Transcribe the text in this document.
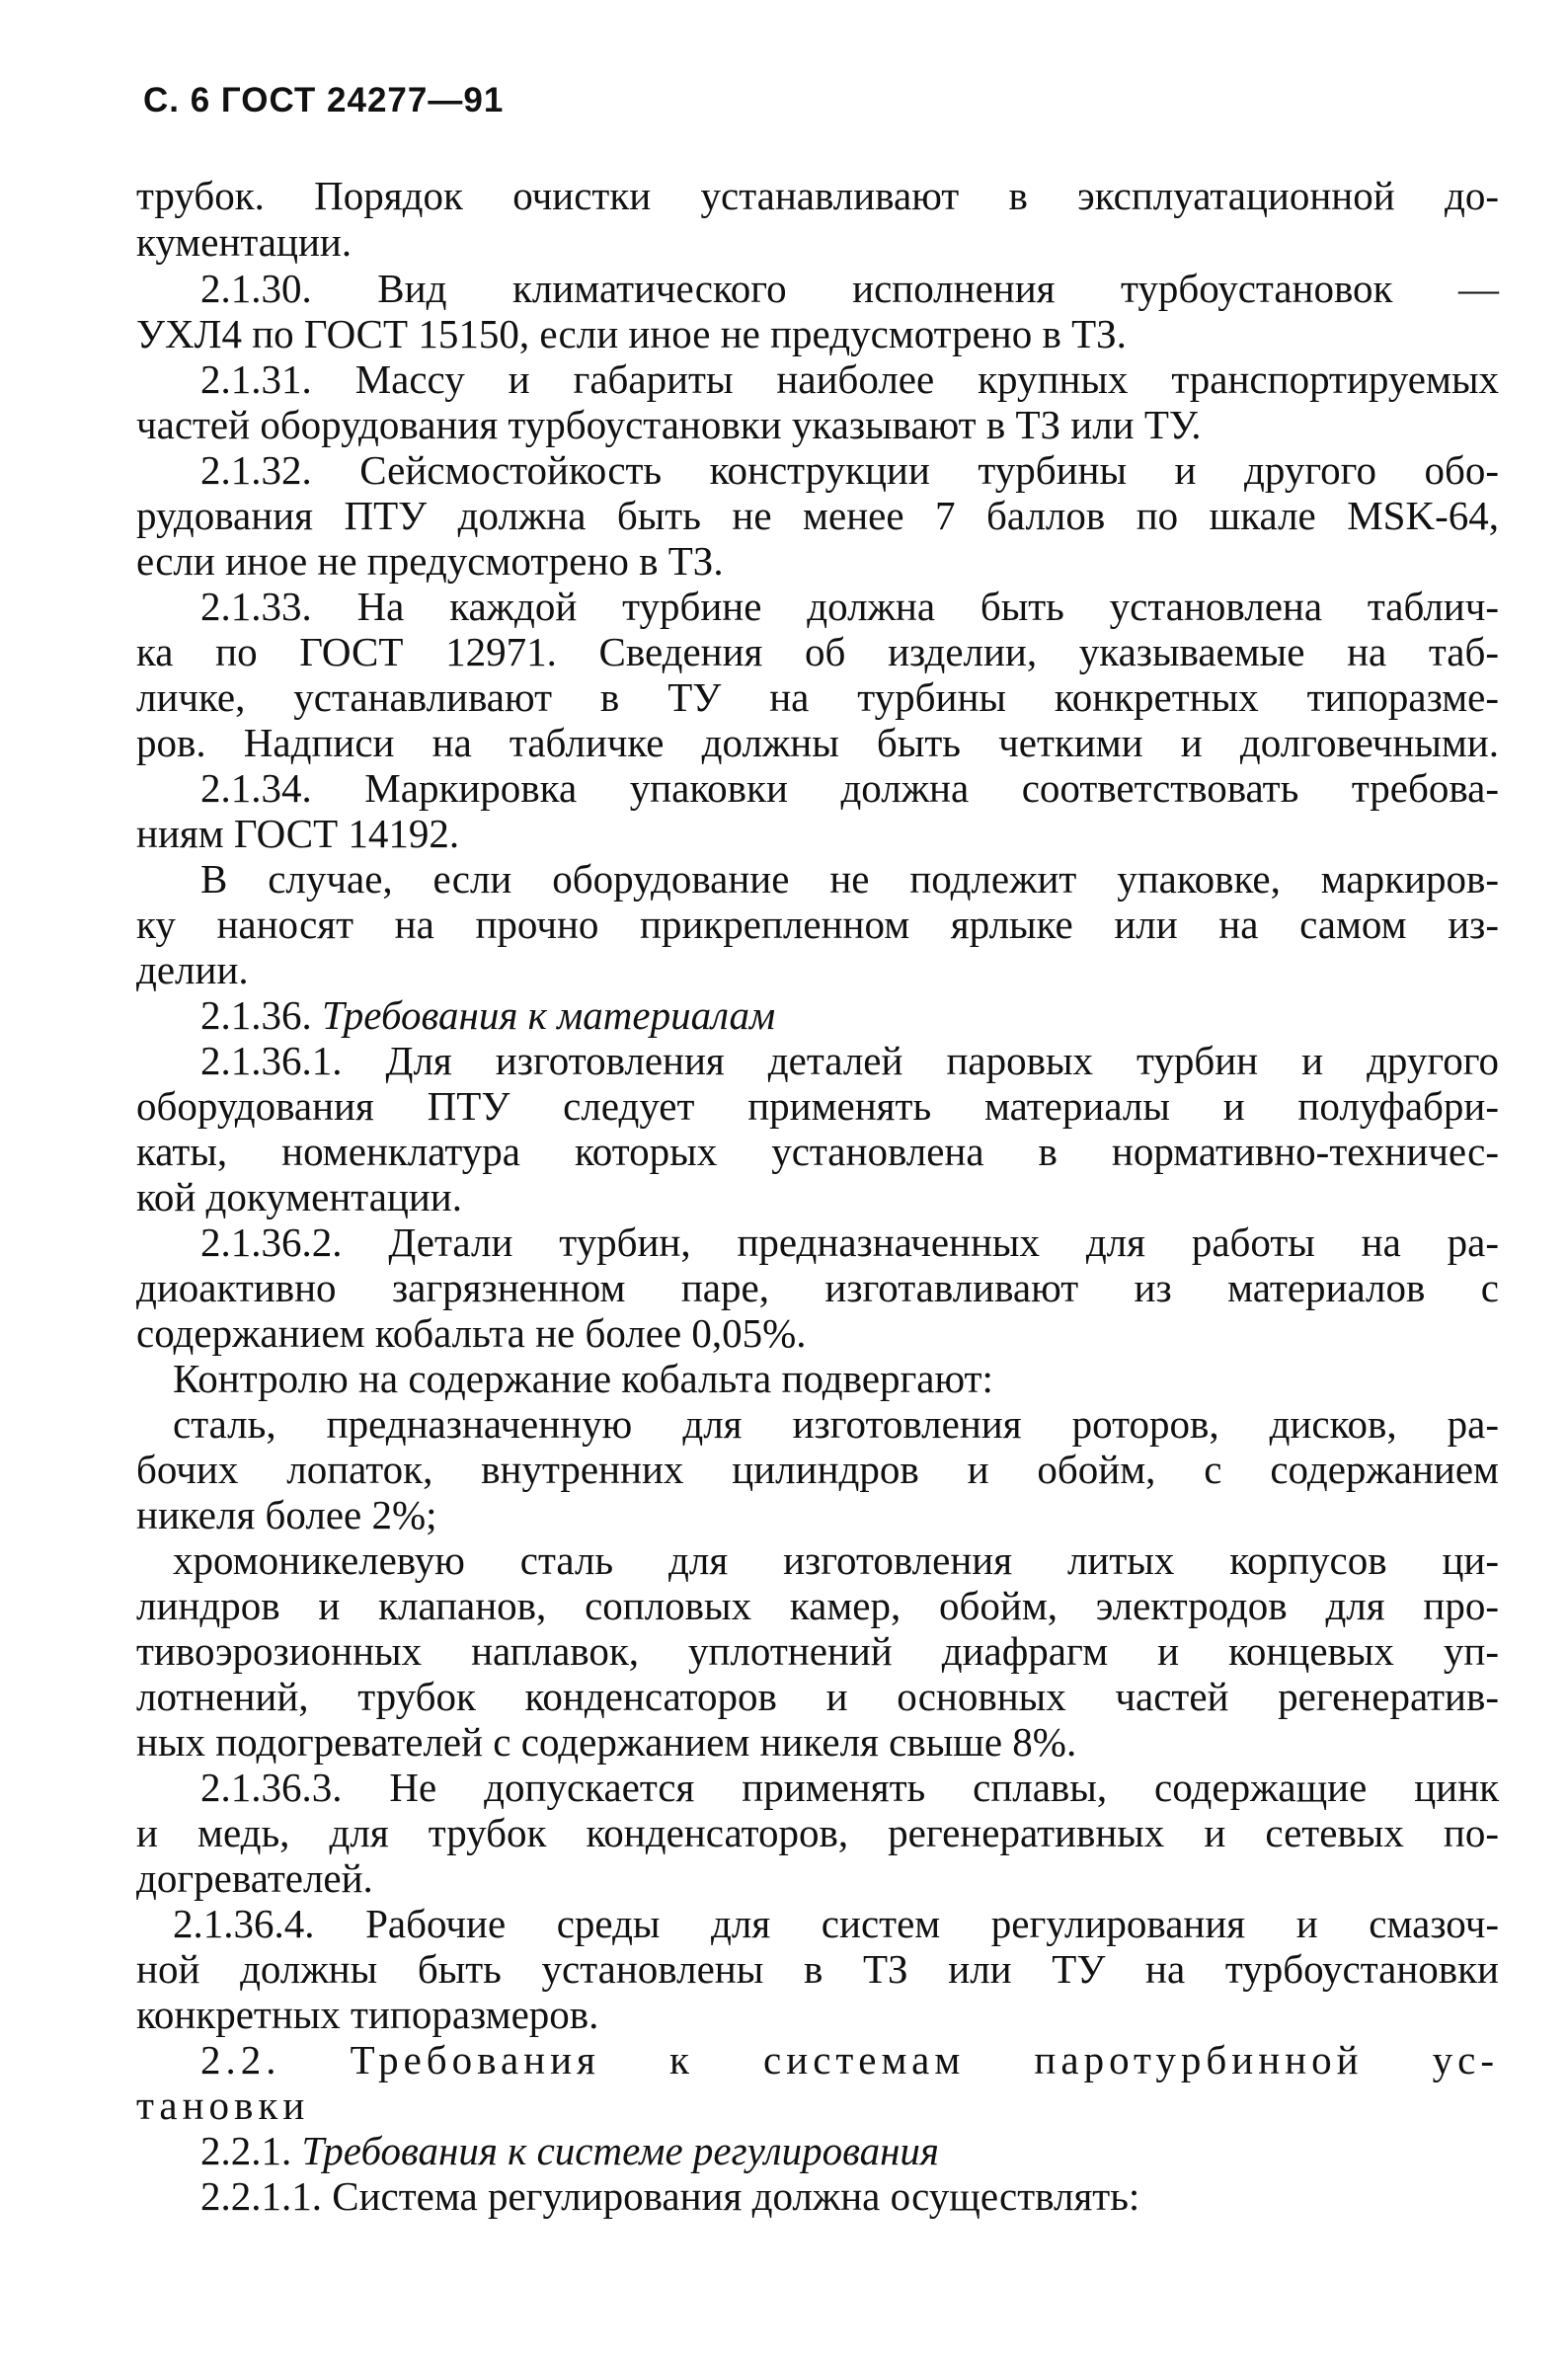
С. 6 ГОСТ 24277—91
трубок. Порядок очистки устанавливают в эксплуатационной до-
кументации.
2.1.30. Вид климатического исполнения турбоустановок —
УХЛ4 по ГОСТ 15150, если иное не предусмотрено в ТЗ.
2.1.31. Массу и габариты наиболее крупных транспортируемых
частей оборудования турбоустановки указывают в ТЗ или ТУ.
2.1.32. Сейсмостойкость конструкции турбины и другого обо-
рудования ПТУ должна быть не менее 7 баллов по шкале MSK-64,
если иное не предусмотрено в ТЗ.
2.1.33. На каждой турбине должна быть установлена таблич-
ка по ГОСТ 12971. Сведения об изделии, указываемые на таб-
личке, устанавливают в ТУ на турбины конкретных типоразме-
ров. Надписи на табличке должны быть четкими и долговечными.
2.1.34. Маркировка упаковки должна соответствовать требова-
ниям ГОСТ 14192.
В случае, если оборудование не подлежит упаковке, маркиров-
ку наносят на прочно прикрепленном ярлыке или на самом из-
делии.
2.1.36. Требования к материалам
2.1.36.1. Для изготовления деталей паровых турбин и другого
оборудования ПТУ следует применять материалы и полуфабри-
каты, номенклатура которых установлена в нормативно-техничес-
кой документации.
2.1.36.2. Детали турбин, предназначенных для работы на ра-
диоактивно загрязненном паре, изготавливают из материалов с
содержанием кобальта не более 0,05%.
Контролю на содержание кобальта подвергают:
сталь, предназначенную для изготовления роторов, дисков, ра-
бочих лопаток, внутренних цилиндров и обойм, с содержанием
никеля более 2%;
хромоникелевую сталь для изготовления литых корпусов ци-
линдров и клапанов, сопловых камер, обойм, электродов для про-
тивоэрозионных наплавок, уплотнений диафрагм и концевых уп-
лотнений, трубок конденсаторов и основных частей регенератив-
ных подогревателей с содержанием никеля свыше 8%.
2.1.36.3. Не допускается применять сплавы, содержащие цинк
и медь, для трубок конденсаторов, регенеративных и сетевых по-
догревателей.
2.1.36.4. Рабочие среды для систем регулирования и смазоч-
ной должны быть установлены в ТЗ или ТУ на турбоустановки
конкретных типоразмеров.
2.2. Требования к системам паротурбинной ус-
тановки
2.2.1. Требования к системе регулирования
2.2.1.1. Система регулирования должна осуществлять:
